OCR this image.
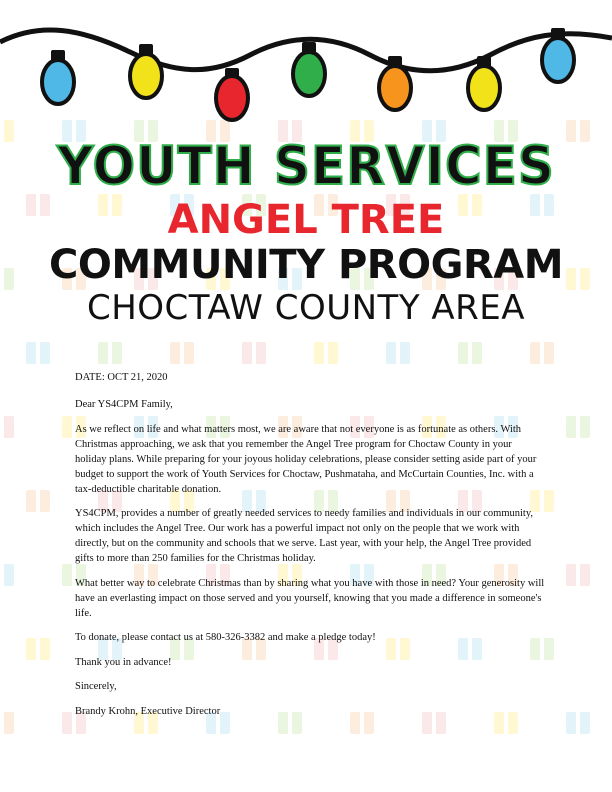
YOUTH SERVICES
ANGEL TREE
COMMUNITY PROGRAM
CHOCTAW COUNTY AREA

DATE: OCT 21, 2020

Dear YS4CPM Family,

As we reflect on life and what matters most, we are aware that not everyone is as fortunate as others. With Christmas approaching, we ask that you remember the Angel Tree program for Choctaw County in your holiday plans. While preparing for your joyous holiday celebrations, please consider setting aside part of your budget to support the work of Youth Services for Choctaw, Pushmataha, and McCurtain Counties, Inc. with a tax-deductible charitable donation.

YS4CPM, provides a number of greatly needed services to needy families and individuals in our community, which includes the Angel Tree. Our work has a powerful impact not only on the people that we work with directly, but on the community and schools that we serve. Last year, with your help, the Angel Tree provided gifts to more than 250 families for the Christmas holiday.

What better way to celebrate Christmas than by sharing what you have with those in need? Your generosity will have an everlasting impact on those served and you yourself, knowing that you made a difference in someone's life.

To donate, please contact us at 580-326-3382 and make a pledge today!

Thank you in advance!

Sincerely,

Brandy Krohn, Executive Director
